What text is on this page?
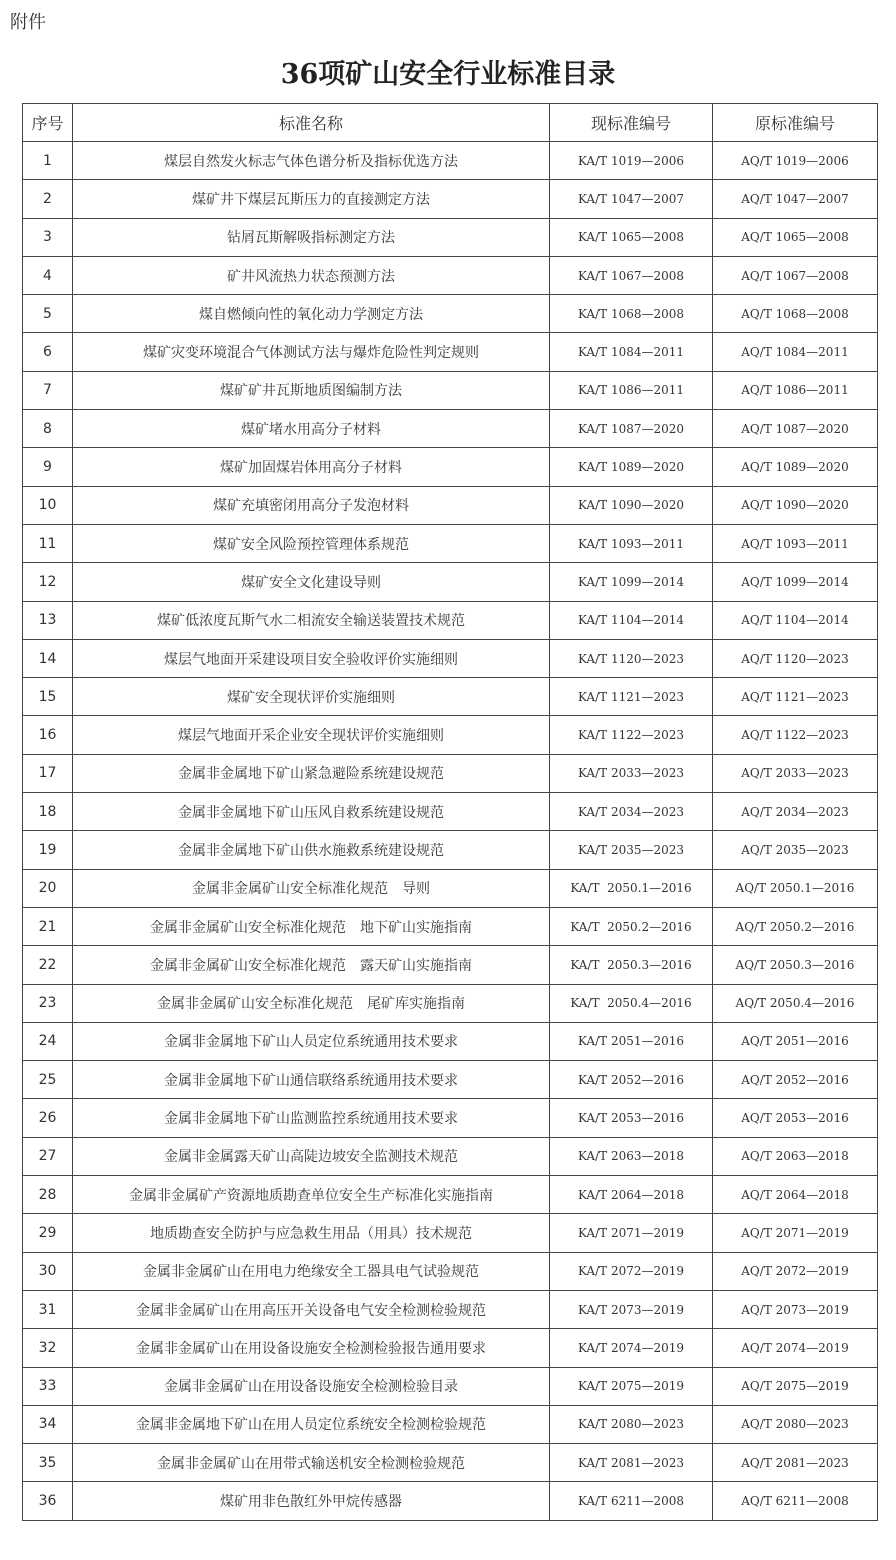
附件
36项矿山安全行业标准目录
序号	标准名称	现标准编号	原标准编号
1	煤层自然发火标志气体色谱分析及指标优选方法	KA/T 1019—2006	AQ/T 1019—2006
2	煤矿井下煤层瓦斯压力的直接测定方法	KA/T 1047—2007	AQ/T 1047—2007
3	钻屑瓦斯解吸指标测定方法	KA/T 1065—2008	AQ/T 1065—2008
4	矿井风流热力状态预测方法	KA/T 1067—2008	AQ/T 1067—2008
5	煤自燃倾向性的氧化动力学测定方法	KA/T 1068—2008	AQ/T 1068—2008
6	煤矿灾变环境混合气体测试方法与爆炸危险性判定规则	KA/T 1084—2011	AQ/T 1084—2011
7	煤矿矿井瓦斯地质图编制方法	KA/T 1086—2011	AQ/T 1086—2011
8	煤矿堵水用高分子材料	KA/T 1087—2020	AQ/T 1087—2020
9	煤矿加固煤岩体用高分子材料	KA/T 1089—2020	AQ/T 1089—2020
10	煤矿充填密闭用高分子发泡材料	KA/T 1090—2020	AQ/T 1090—2020
11	煤矿安全风险预控管理体系规范	KA/T 1093—2011	AQ/T 1093—2011
12	煤矿安全文化建设导则	KA/T 1099—2014	AQ/T 1099—2014
13	煤矿低浓度瓦斯气水二相流安全输送装置技术规范	KA/T 1104—2014	AQ/T 1104—2014
14	煤层气地面开采建设项目安全验收评价实施细则	KA/T 1120—2023	AQ/T 1120—2023
15	煤矿安全现状评价实施细则	KA/T 1121—2023	AQ/T 1121—2023
16	煤层气地面开采企业安全现状评价实施细则	KA/T 1122—2023	AQ/T 1122—2023
17	金属非金属地下矿山紧急避险系统建设规范	KA/T 2033—2023	AQ/T 2033—2023
18	金属非金属地下矿山压风自救系统建设规范	KA/T 2034—2023	AQ/T 2034—2023
19	金属非金属地下矿山供水施救系统建设规范	KA/T 2035—2023	AQ/T 2035—2023
20	金属非金属矿山安全标准化规范　导则	KA/T  2050.1—2016	AQ/T 2050.1—2016
21	金属非金属矿山安全标准化规范　地下矿山实施指南	KA/T  2050.2—2016	AQ/T 2050.2—2016
22	金属非金属矿山安全标准化规范　露天矿山实施指南	KA/T  2050.3—2016	AQ/T 2050.3—2016
23	金属非金属矿山安全标准化规范　尾矿库实施指南	KA/T  2050.4—2016	AQ/T 2050.4—2016
24	金属非金属地下矿山人员定位系统通用技术要求	KA/T 2051—2016	AQ/T 2051—2016
25	金属非金属地下矿山通信联络系统通用技术要求	KA/T 2052—2016	AQ/T 2052—2016
26	金属非金属地下矿山监测监控系统通用技术要求	KA/T 2053—2016	AQ/T 2053—2016
27	金属非金属露天矿山高陡边坡安全监测技术规范	KA/T 2063—2018	AQ/T 2063—2018
28	金属非金属矿产资源地质勘查单位安全生产标准化实施指南	KA/T 2064—2018	AQ/T 2064—2018
29	地质勘查安全防护与应急救生用品（用具）技术规范	KA/T 2071—2019	AQ/T 2071—2019
30	金属非金属矿山在用电力绝缘安全工器具电气试验规范	KA/T 2072—2019	AQ/T 2072—2019
31	金属非金属矿山在用高压开关设备电气安全检测检验规范	KA/T 2073—2019	AQ/T 2073—2019
32	金属非金属矿山在用设备设施安全检测检验报告通用要求	KA/T 2074—2019	AQ/T 2074—2019
33	金属非金属矿山在用设备设施安全检测检验目录	KA/T 2075—2019	AQ/T 2075—2019
34	金属非金属地下矿山在用人员定位系统安全检测检验规范	KA/T 2080—2023	AQ/T 2080—2023
35	金属非金属矿山在用带式输送机安全检测检验规范	KA/T 2081—2023	AQ/T 2081—2023
36	煤矿用非色散红外甲烷传感器	KA/T 6211—2008	AQ/T 6211—2008
